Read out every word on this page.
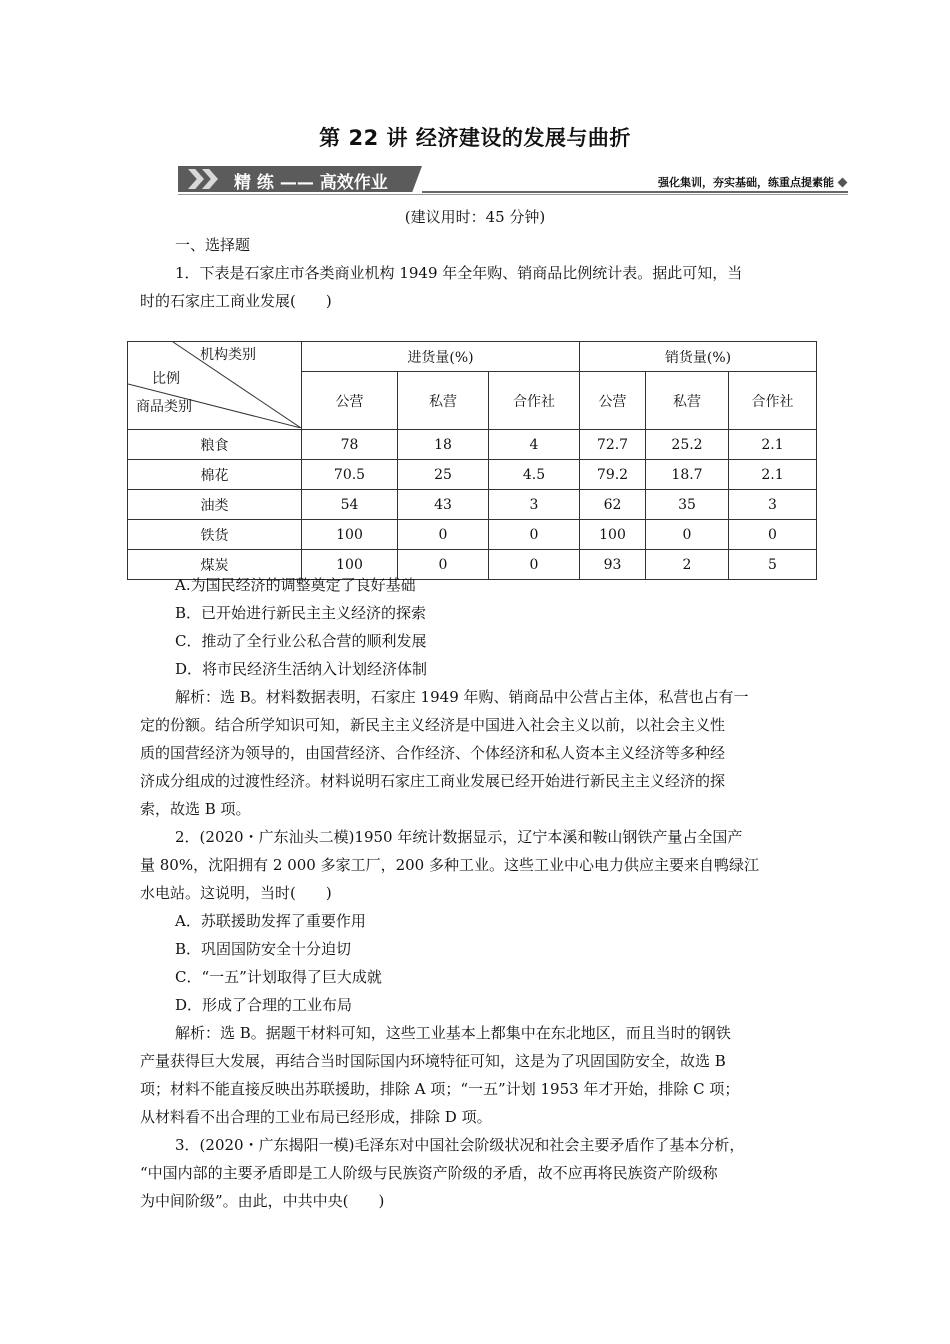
第 22 讲 经济建设的发展与曲折
精 练 —— 高效作业	强化集训，夯实基础，练重点提素能
(建议用时：45 分钟)
一、选择题
1．下表是石家庄市各类商业机构 1949 年全年购、销商品比例统计表。据此可知，当
时的石家庄工商业发展(　　)
机构类别
比例
商品类别	进货量(%)			销货量(%)		
	公营	私营	合作社	公营	私营	合作社
粮食	78	18	4	72.7	25.2	2.1
棉花	70.5	25	4.5	79.2	18.7	2.1
油类	54	43	3	62	35	3
铁货	100	0	0	100	0	0
煤炭	100	0	0	93	2	5
A.为国民经济的调整奠定了良好基础
B．已开始进行新民主主义经济的探索
C．推动了全行业公私合营的顺利发展
D．将市民经济生活纳入计划经济体制
解析：选 B。材料数据表明，石家庄 1949 年购、销商品中公营占主体，私营也占有一
定的份额。结合所学知识可知，新民主主义经济是中国进入社会主义以前，以社会主义性
质的国营经济为领导的，由国营经济、合作经济、个体经济和私人资本主义经济等多种经
济成分组成的过渡性经济。材料说明石家庄工商业发展已经开始进行新民主主义经济的探
索，故选 B 项。
2．(2020・广东汕头二模)1950 年统计数据显示，辽宁本溪和鞍山钢铁产量占全国产
量 80%，沈阳拥有 2 000 多家工厂，200 多种工业。这些工业中心电力供应主要来自鸭绿江
水电站。这说明，当时(　　)
A．苏联援助发挥了重要作用
B．巩固国防安全十分迫切
C．“一五”计划取得了巨大成就
D．形成了合理的工业布局
解析：选 B。据题干材料可知，这些工业基本上都集中在东北地区，而且当时的钢铁
产量获得巨大发展，再结合当时国际国内环境特征可知，这是为了巩固国防安全，故选 B
项；材料不能直接反映出苏联援助，排除 A 项；“一五”计划 1953 年才开始，排除 C 项；
从材料看不出合理的工业布局已经形成，排除 D 项。
3．(2020・广东揭阳一模)毛泽东对中国社会阶级状况和社会主要矛盾作了基本分析，
“中国内部的主要矛盾即是工人阶级与民族资产阶级的矛盾，故不应再将民族资产阶级称
为中间阶级”。由此，中共中央(　　)
